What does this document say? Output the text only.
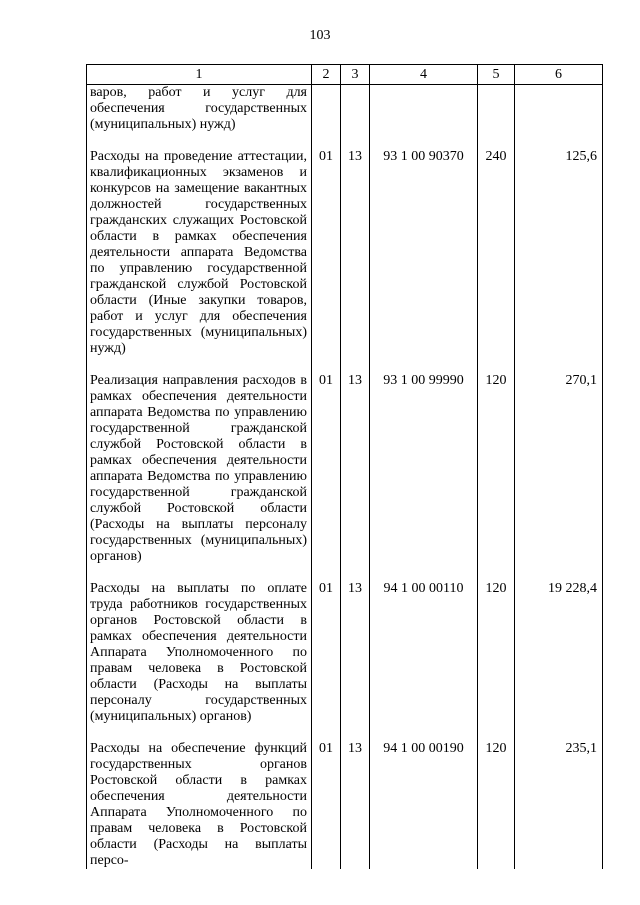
103
1	2	3	4	5	6
варов, работ и услуг для обеспечения государственных (муниципальных) нужд)					

Расходы на проведение аттестации, квалификационных экзаменов и конкурсов на замещение вакантных должностей государственных гражданских служащих Ростовской области в рамках обеспечения деятельности аппарата Ведомства по управлению государственной гражданской службой Ростовской области (Иные закупки товаров, работ и услуг для обеспечения государственных (муниципальных) нужд)	01	13	93 1 00 90370	240	125,6

Реализация направления расходов в рамках обеспечения деятельности аппарата Ведомства по управлению государственной гражданской службой Ростовской области в рамках обеспечения деятельности аппарата Ведомства по управлению государственной гражданской службой Ростовской области (Расходы на выплаты персоналу государственных (муниципальных) органов)	01	13	93 1 00 99990	120	270,1

Расходы на выплаты по оплате труда работников государственных органов Ростовской области в рамках обеспечения деятельности Аппарата Уполномоченного по правам человека в Ростовской области (Расходы на выплаты персоналу государственных (муниципальных) органов)	01	13	94 1 00 00110	120	19 228,4

Расходы на обеспечение функций государственных органов Ростовской области в рамках обеспечения деятельности Аппарата Уполномоченного по правам человека в Ростовской области (Расходы на выплаты персо-	01	13	94 1 00 00190	120	235,1
